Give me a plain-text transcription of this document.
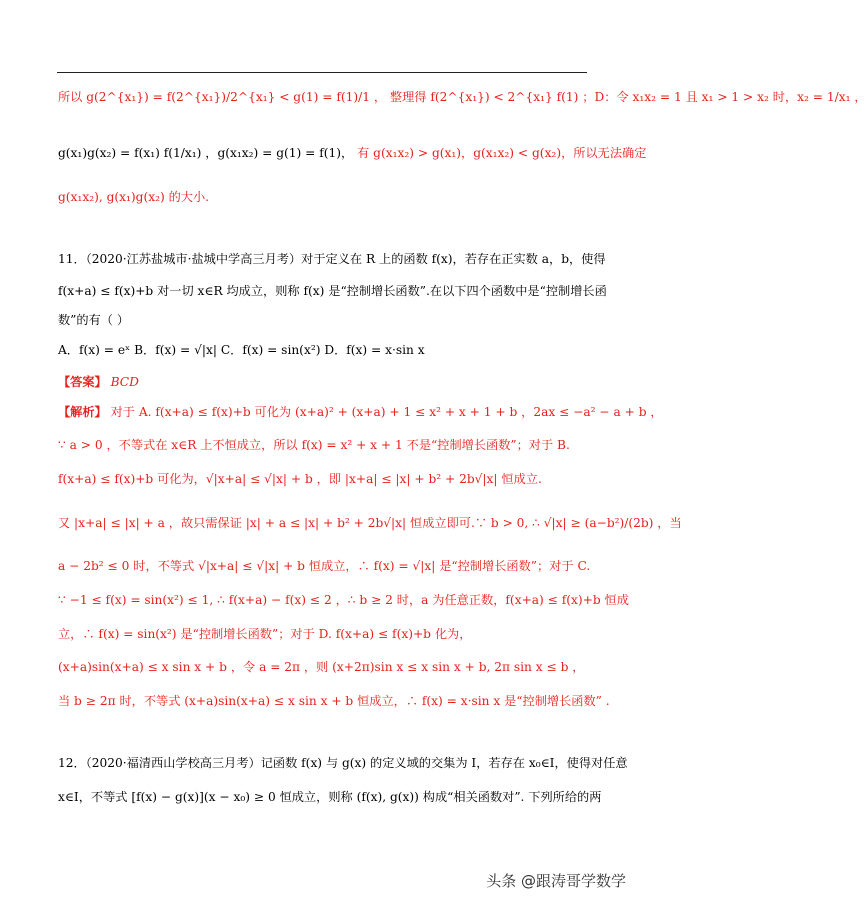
所以 g(2^{x₁}) = f(2^{x₁})/2^{x₁} < g(1) = f(1)/1 ， 整理得 f(2^{x₁}) < 2^{x₁} f(1) ；D：令 x₁x₂ = 1 且 x₁ > 1 > x₂ 时，x₂ = 1/x₁ ，
g(x₁)g(x₂) = f(x₁) f(1/x₁) ，g(x₁x₂) = g(1) = f(1)， 有 g(x₁x₂) > g(x₁)，g(x₁x₂) < g(x₂)，所以无法确定
g(x₁x₂), g(x₁)g(x₂) 的大小.
11．（2020·江苏盐城市·盐城中学高三月考）对于定义在 R 上的函数 f(x)，若存在正实数 a，b，使得
f(x+a) ≤ f(x)+b 对一切 x∈R 均成立，则称 f(x) 是“控制增长函数”.在以下四个函数中是“控制增长函
数”的有（ ）
A．f(x) = eˣ B．f(x) = √|x| C．f(x) = sin(x²) D．f(x) = x·sin x
【答案】 BCD
【解析】 对于 A. f(x+a) ≤ f(x)+b 可化为 (x+a)² + (x+a) + 1 ≤ x² + x + 1 + b ，2ax ≤ −a² − a + b ，
∵ a > 0 ，不等式在 x∈R 上不恒成立，所以 f(x) = x² + x + 1 不是“控制增长函数”；对于 B.
f(x+a) ≤ f(x)+b 可化为，√|x+a| ≤ √|x| + b ，即 |x+a| ≤ |x| + b² + 2b√|x| 恒成立.
又 |x+a| ≤ |x| + a ，故只需保证 |x| + a ≤ |x| + b² + 2b√|x| 恒成立即可.∵ b > 0, ∴ √|x| ≥ (a−b²)/(2b) ，当
a − 2b² ≤ 0 时，不等式 √|x+a| ≤ √|x| + b 恒成立，∴ f(x) = √|x| 是“控制增长函数”；对于 C.
∵ −1 ≤ f(x) = sin(x²) ≤ 1, ∴ f(x+a) − f(x) ≤ 2 ，∴ b ≥ 2 时，a 为任意正数，f(x+a) ≤ f(x)+b 恒成
立，∴ f(x) = sin(x²) 是“控制增长函数”；对于 D. f(x+a) ≤ f(x)+b 化为，
(x+a)sin(x+a) ≤ x sin x + b ，令 a = 2π ，则 (x+2π)sin x ≤ x sin x + b, 2π sin x ≤ b ，
当 b ≥ 2π 时，不等式 (x+a)sin(x+a) ≤ x sin x + b 恒成立，∴ f(x) = x·sin x 是“控制增长函数” .
12．（2020·福清西山学校高三月考）记函数 f(x) 与 g(x) 的定义域的交集为 I，若存在 x₀∈I，使得对任意
x∈I，不等式 [f(x) − g(x)](x − x₀) ≥ 0 恒成立，则称 (f(x), g(x)) 构成“相关函数对”. 下列所给的两
头条 @跟涛哥学数学
